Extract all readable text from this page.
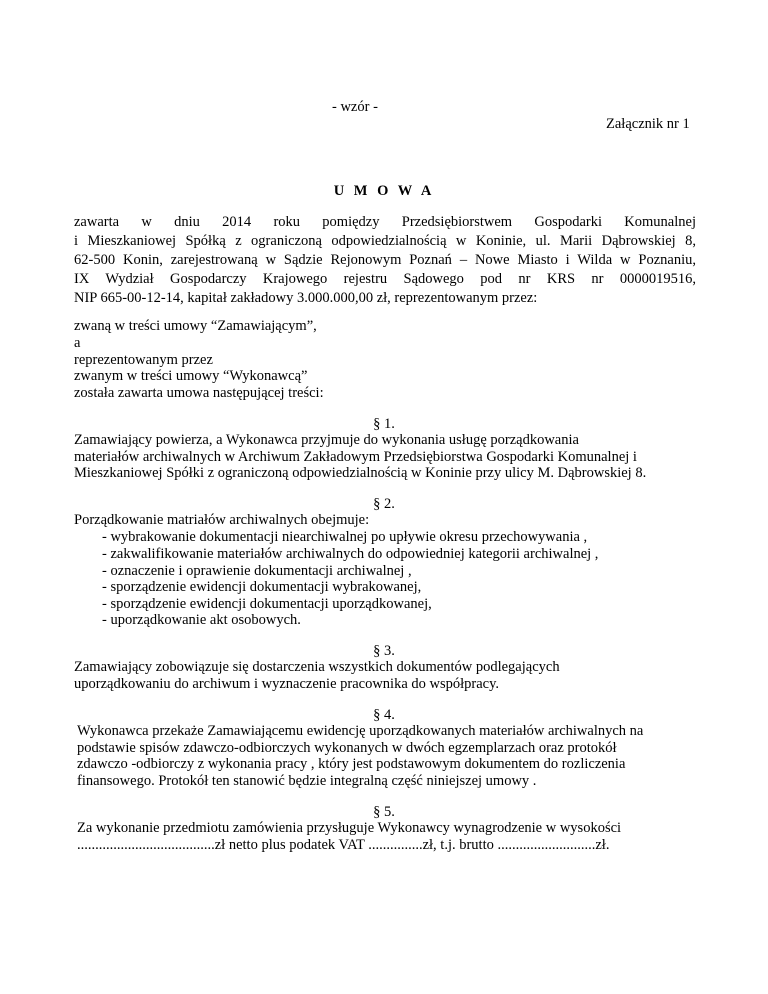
- wzór -
Załącznik nr 1
U M O W A
zawarta w dniu 2014 roku pomiędzy Przedsiębiorstwem Gospodarki Komunalnej
i Mieszkaniowej Spółką z ograniczoną odpowiedzialnością w Koninie, ul. Marii Dąbrowskiej 8,
62-500 Konin, zarejestrowaną w Sądzie Rejonowym Poznań – Nowe Miasto i Wilda w Poznaniu,
IX Wydział Gospodarczy Krajowego rejestru Sądowego pod nr KRS nr 0000019516,
NIP 665-00-12-14, kapitał zakładowy 3.000.000,00 zł, reprezentowanym przez:
zwaną w treści umowy “Zamawiającym”,
a
reprezentowanym przez
zwanym w treści umowy “Wykonawcą”
została zawarta umowa następującej treści:
§ 1.
Zamawiający powierza, a Wykonawca przyjmuje do wykonania usługę porządkowania
materiałów archiwalnych w Archiwum Zakładowym Przedsiębiorstwa Gospodarki Komunalnej i
Mieszkaniowej Spółki z ograniczoną odpowiedzialnością w Koninie przy ulicy M. Dąbrowskiej 8.
§ 2.
Porządkowanie matriałów archiwalnych obejmuje:
- wybrakowanie dokumentacji niearchiwalnej po upływie okresu przechowywania ,
- zakwalifikowanie materiałów archiwalnych do odpowiedniej kategorii archiwalnej ,
- oznaczenie i oprawienie dokumentacji archiwalnej ,
- sporządzenie ewidencji dokumentacji wybrakowanej,
- sporządzenie ewidencji dokumentacji uporządkowanej,
- uporządkowanie akt osobowych.
§ 3.
Zamawiający zobowiązuje się dostarczenia wszystkich dokumentów podlegających
uporządkowaniu do archiwum i wyznaczenie pracownika do współpracy.
§ 4.
Wykonawca przekaże Zamawiającemu ewidencję uporządkowanych materiałów archiwalnych na
podstawie spisów zdawczo-odbiorczych wykonanych w dwóch egzemplarzach oraz protokół
zdawczo -odbiorczy z wykonania pracy , który jest podstawowym dokumentem do rozliczenia
finansowego. Protokół ten stanowić będzie integralną część niniejszej umowy .
§ 5.
Za wykonanie przedmiotu zamówienia przysługuje Wykonawcy wynagrodzenie w wysokości
......................................zł netto plus podatek VAT ...............zł, t.j. brutto ...........................zł.
